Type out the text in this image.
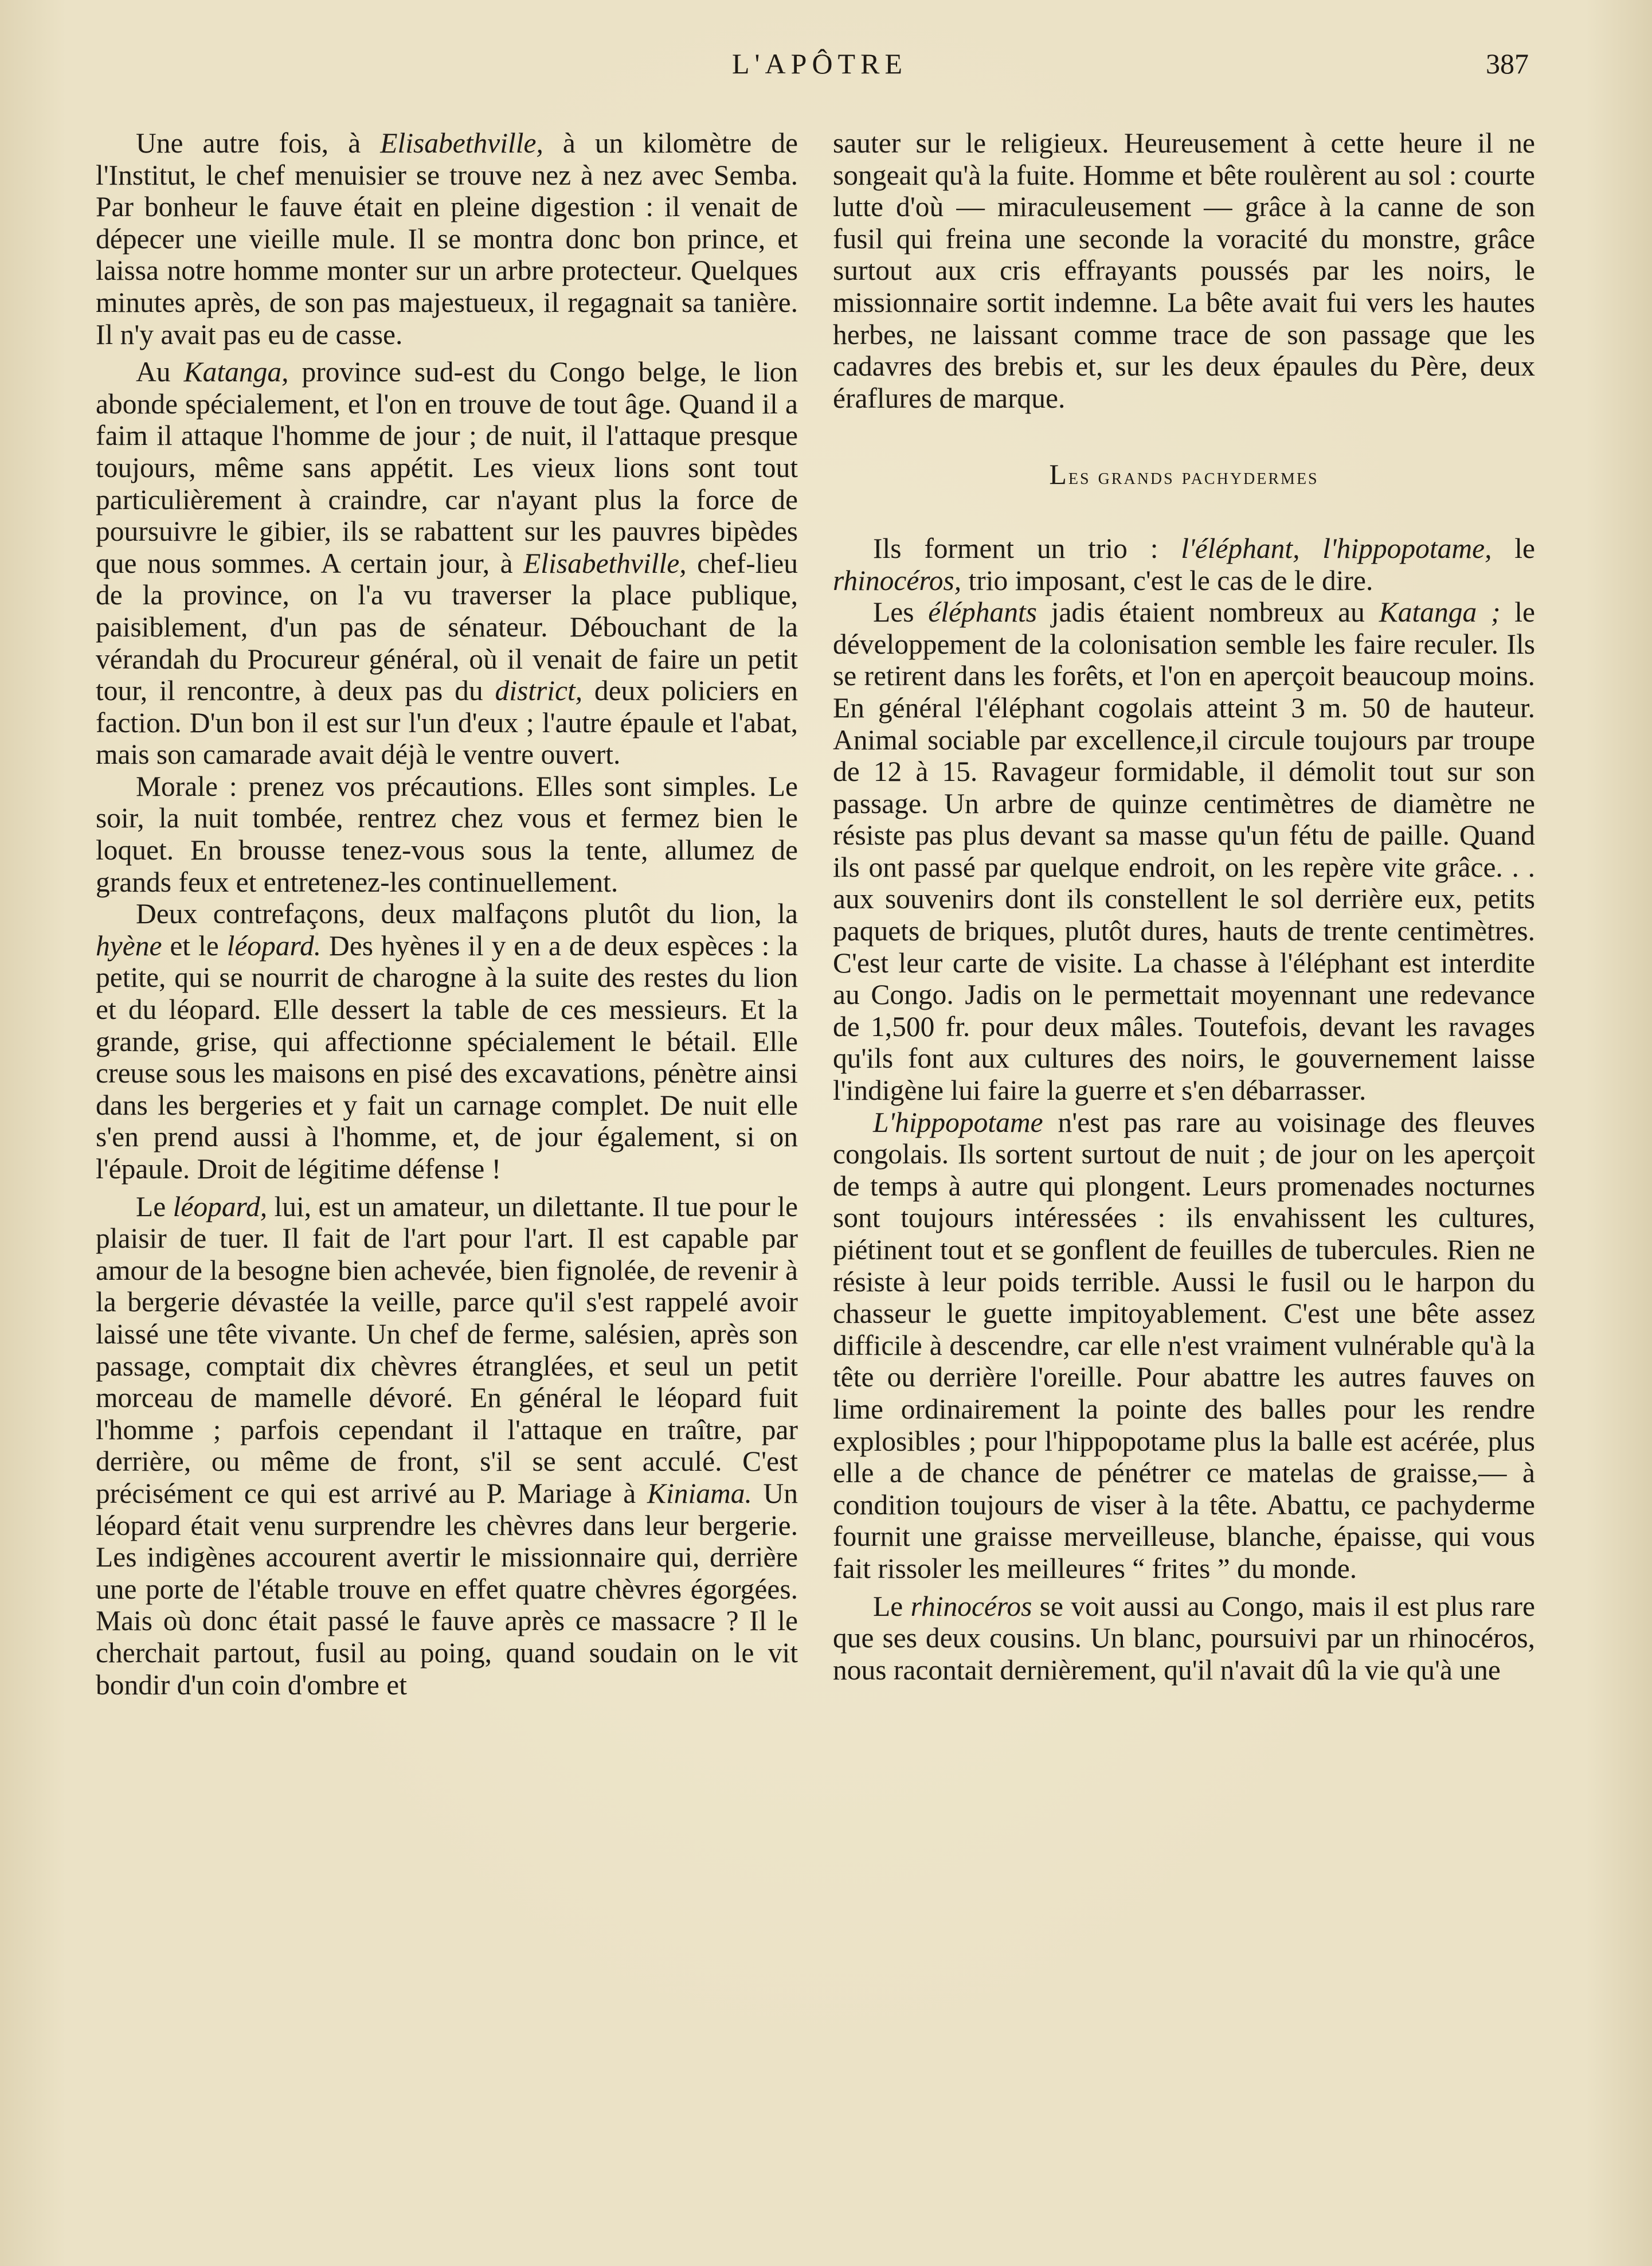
L'APÔTRE	387

Une autre fois, à Elisabethville, à un kilomètre de l'Institut, le chef menuisier se trouve nez à nez avec Semba. Par bonheur le fauve était en pleine digestion : il venait de dépecer une vieille mule. Il se montra donc bon prince, et laissa notre homme monter sur un arbre protecteur. Quelques minutes après, de son pas majestueux, il regagnait sa tanière. Il n'y avait pas eu de casse.

Au Katanga, province sud-est du Congo belge, le lion abonde spécialement, et l'on en trouve de tout âge. Quand il a faim il attaque l'homme de jour ; de nuit, il l'attaque presque toujours, même sans appétit. Les vieux lions sont tout particulièrement à craindre, car n'ayant plus la force de poursuivre le gibier, ils se rabattent sur les pauvres bipèdes que nous sommes. A certain jour, à Elisabethville, chef-lieu de la province, on l'a vu traverser la place publique, paisiblement, d'un pas de sénateur. Débouchant de la vérandah du Procureur général, où il venait de faire un petit tour, il rencontre, à deux pas du district, deux policiers en faction. D'un bon il est sur l'un d'eux ; l'autre épaule et l'abat, mais son camarade avait déjà le ventre ouvert.

Morale : prenez vos précautions. Elles sont simples. Le soir, la nuit tombée, rentrez chez vous et fermez bien le loquet. En brousse tenez-vous sous la tente, allumez de grands feux et entretenez-les continuellement.

Deux contrefaçons, deux malfaçons plutôt du lion, la hyène et le léopard. Des hyènes il y en a de deux espèces : la petite, qui se nourrit de charogne à la suite des restes du lion et du léopard. Elle dessert la table de ces messieurs. Et la grande, grise, qui affectionne spécialement le bétail. Elle creuse sous les maisons en pisé des excavations, pénètre ainsi dans les bergeries et y fait un carnage complet. De nuit elle s'en prend aussi à l'homme, et, de jour également, si on l'épaule. Droit de légitime défense !

Le léopard, lui, est un amateur, un dilettante. Il tue pour le plaisir de tuer. Il fait de l'art pour l'art. Il est capable par amour de la besogne bien achevée, bien fignolée, de revenir à la bergerie dévastée la veille, parce qu'il s'est rappelé avoir laissé une tête vivante. Un chef de ferme, salésien, après son passage, comptait dix chèvres étranglées, et seul un petit morceau de mamelle dévoré. En général le léopard fuit l'homme ; parfois cependant il l'attaque en traître, par derrière, ou même de front, s'il se sent acculé. C'est précisément ce qui est arrivé au P. Mariage à Kiniama. Un léopard était venu surprendre les chèvres dans leur bergerie. Les indigènes accourent avertir le missionnaire qui, derrière une porte de l'étable trouve en effet quatre chèvres égorgées. Mais où donc était passé le fauve après ce massacre ? Il le cherchait partout, fusil au poing, quand soudain on le vit bondir d'un coin d'ombre et

sauter sur le religieux. Heureusement à cette heure il ne songeait qu'à la fuite. Homme et bête roulèrent au sol : courte lutte d'où — miraculeusement — grâce à la canne de son fusil qui freina une seconde la voracité du monstre, grâce surtout aux cris effrayants poussés par les noirs, le missionnaire sortit indemne. La bête avait fui vers les hautes herbes, ne laissant comme trace de son passage que les cadavres des brebis et, sur les deux épaules du Père, deux éraflures de marque.

Les grands pachydermes

Ils forment un trio : l'éléphant, l'hippopotame, le rhinocéros, trio imposant, c'est le cas de le dire.

Les éléphants jadis étaient nombreux au Katanga ; le développement de la colonisation semble les faire reculer. Ils se retirent dans les forêts, et l'on en aperçoit beaucoup moins. En général l'éléphant cogolais atteint 3 m. 50 de hauteur. Animal sociable par excellence,il circule toujours par troupe de 12 à 15. Ravageur formidable, il démolit tout sur son passage. Un arbre de quinze centimètres de diamètre ne résiste pas plus devant sa masse qu'un fétu de paille. Quand ils ont passé par quelque endroit, on les repère vite grâce. . . aux souvenirs dont ils constellent le sol derrière eux, petits paquets de briques, plutôt dures, hauts de trente centimètres. C'est leur carte de visite. La chasse à l'éléphant est interdite au Congo. Jadis on le permettait moyennant une redevance de 1,500 fr. pour deux mâles. Toutefois, devant les ravages qu'ils font aux cultures des noirs, le gouvernement laisse l'indigène lui faire la guerre et s'en débarrasser.

L'hippopotame n'est pas rare au voisinage des fleuves congolais. Ils sortent surtout de nuit ; de jour on les aperçoit de temps à autre qui plongent. Leurs promenades nocturnes sont toujours intéressées : ils envahissent les cultures, piétinent tout et se gonflent de feuilles de tubercules. Rien ne résiste à leur poids terrible. Aussi le fusil ou le harpon du chasseur le guette impitoyablement. C'est une bête assez difficile à descendre, car elle n'est vraiment vulnérable qu'à la tête ou derrière l'oreille. Pour abattre les autres fauves on lime ordinairement la pointe des balles pour les rendre explosibles ; pour l'hippopotame plus la balle est acérée, plus elle a de chance de pénétrer ce matelas de graisse,— à condition toujours de viser à la tête. Abattu, ce pachyderme fournit une graisse merveilleuse, blanche, épaisse, qui vous fait rissoler les meilleures “ frites ” du monde.

Le rhinocéros se voit aussi au Congo, mais il est plus rare que ses deux cousins. Un blanc, poursuivi par un rhinocéros, nous racontait dernièrement, qu'il n'avait dû la vie qu'à une
